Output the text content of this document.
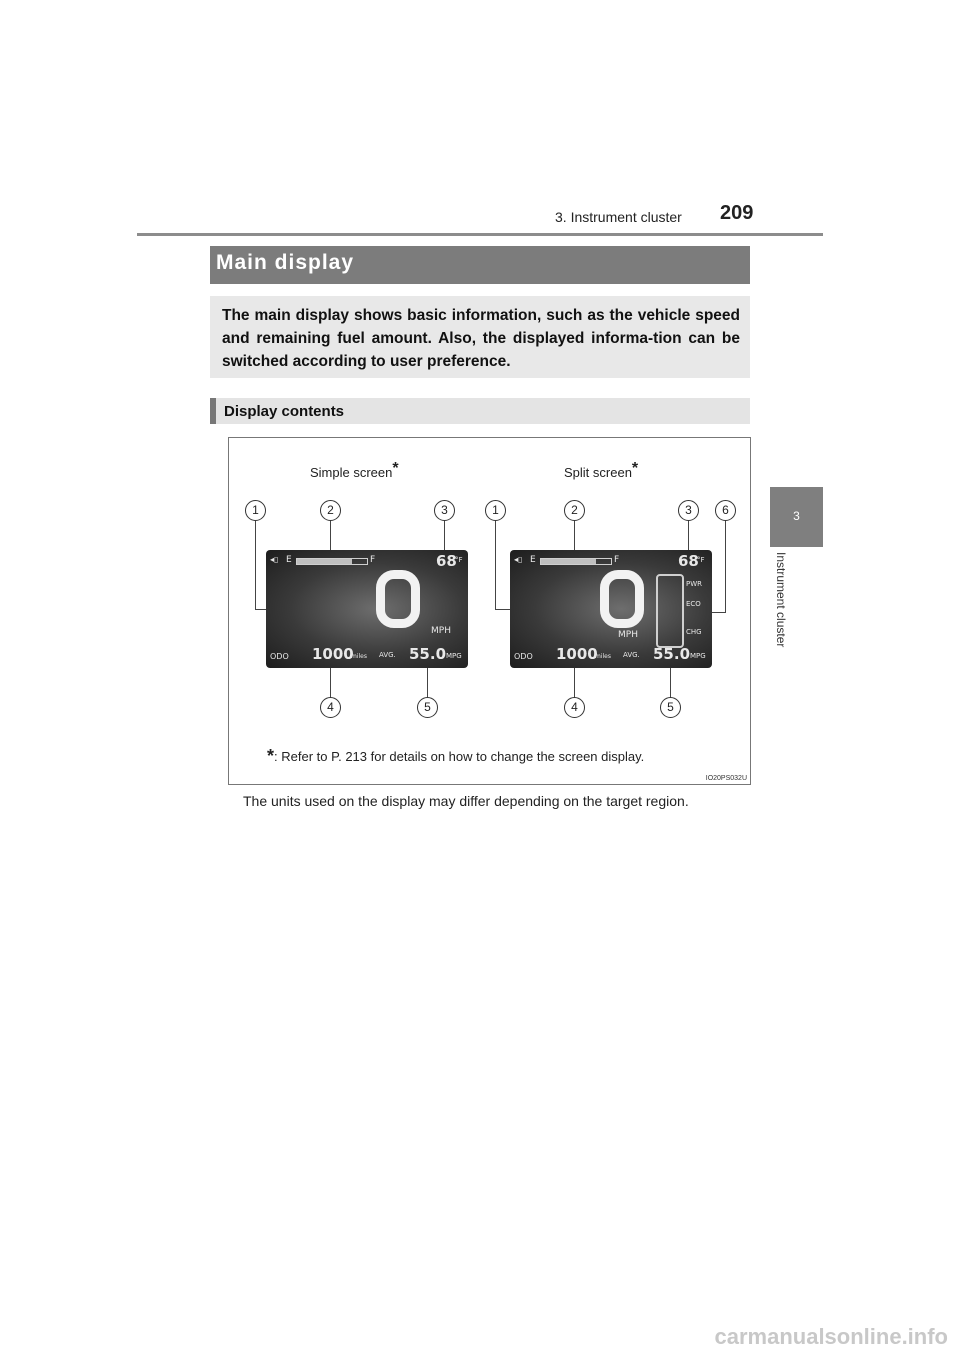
3. Instrument cluster 209
3
Instrument cluster
Main display
The main display shows basic information, such as the vehicle speed and remaining fuel amount. Also, the displayed informa-tion can be switched according to user preference.
Display contents
Simple screen*	Split screen*
1	2	3
4	5
1	2	3	6
4	5
◂▯ E	F	68
°F
MPH
ODO 1000
miles AVG. 55.0 MPG
◂▯ E	F	68
°F
MPH
PWR
ECO
CHG
ODO 1000
miles AVG. 55.0 MPG
*: Refer to P. 213 for details on how to change the screen display.
IO20PS032U
The units used on the display may differ depending on the target region.
carmanualsonline.info
